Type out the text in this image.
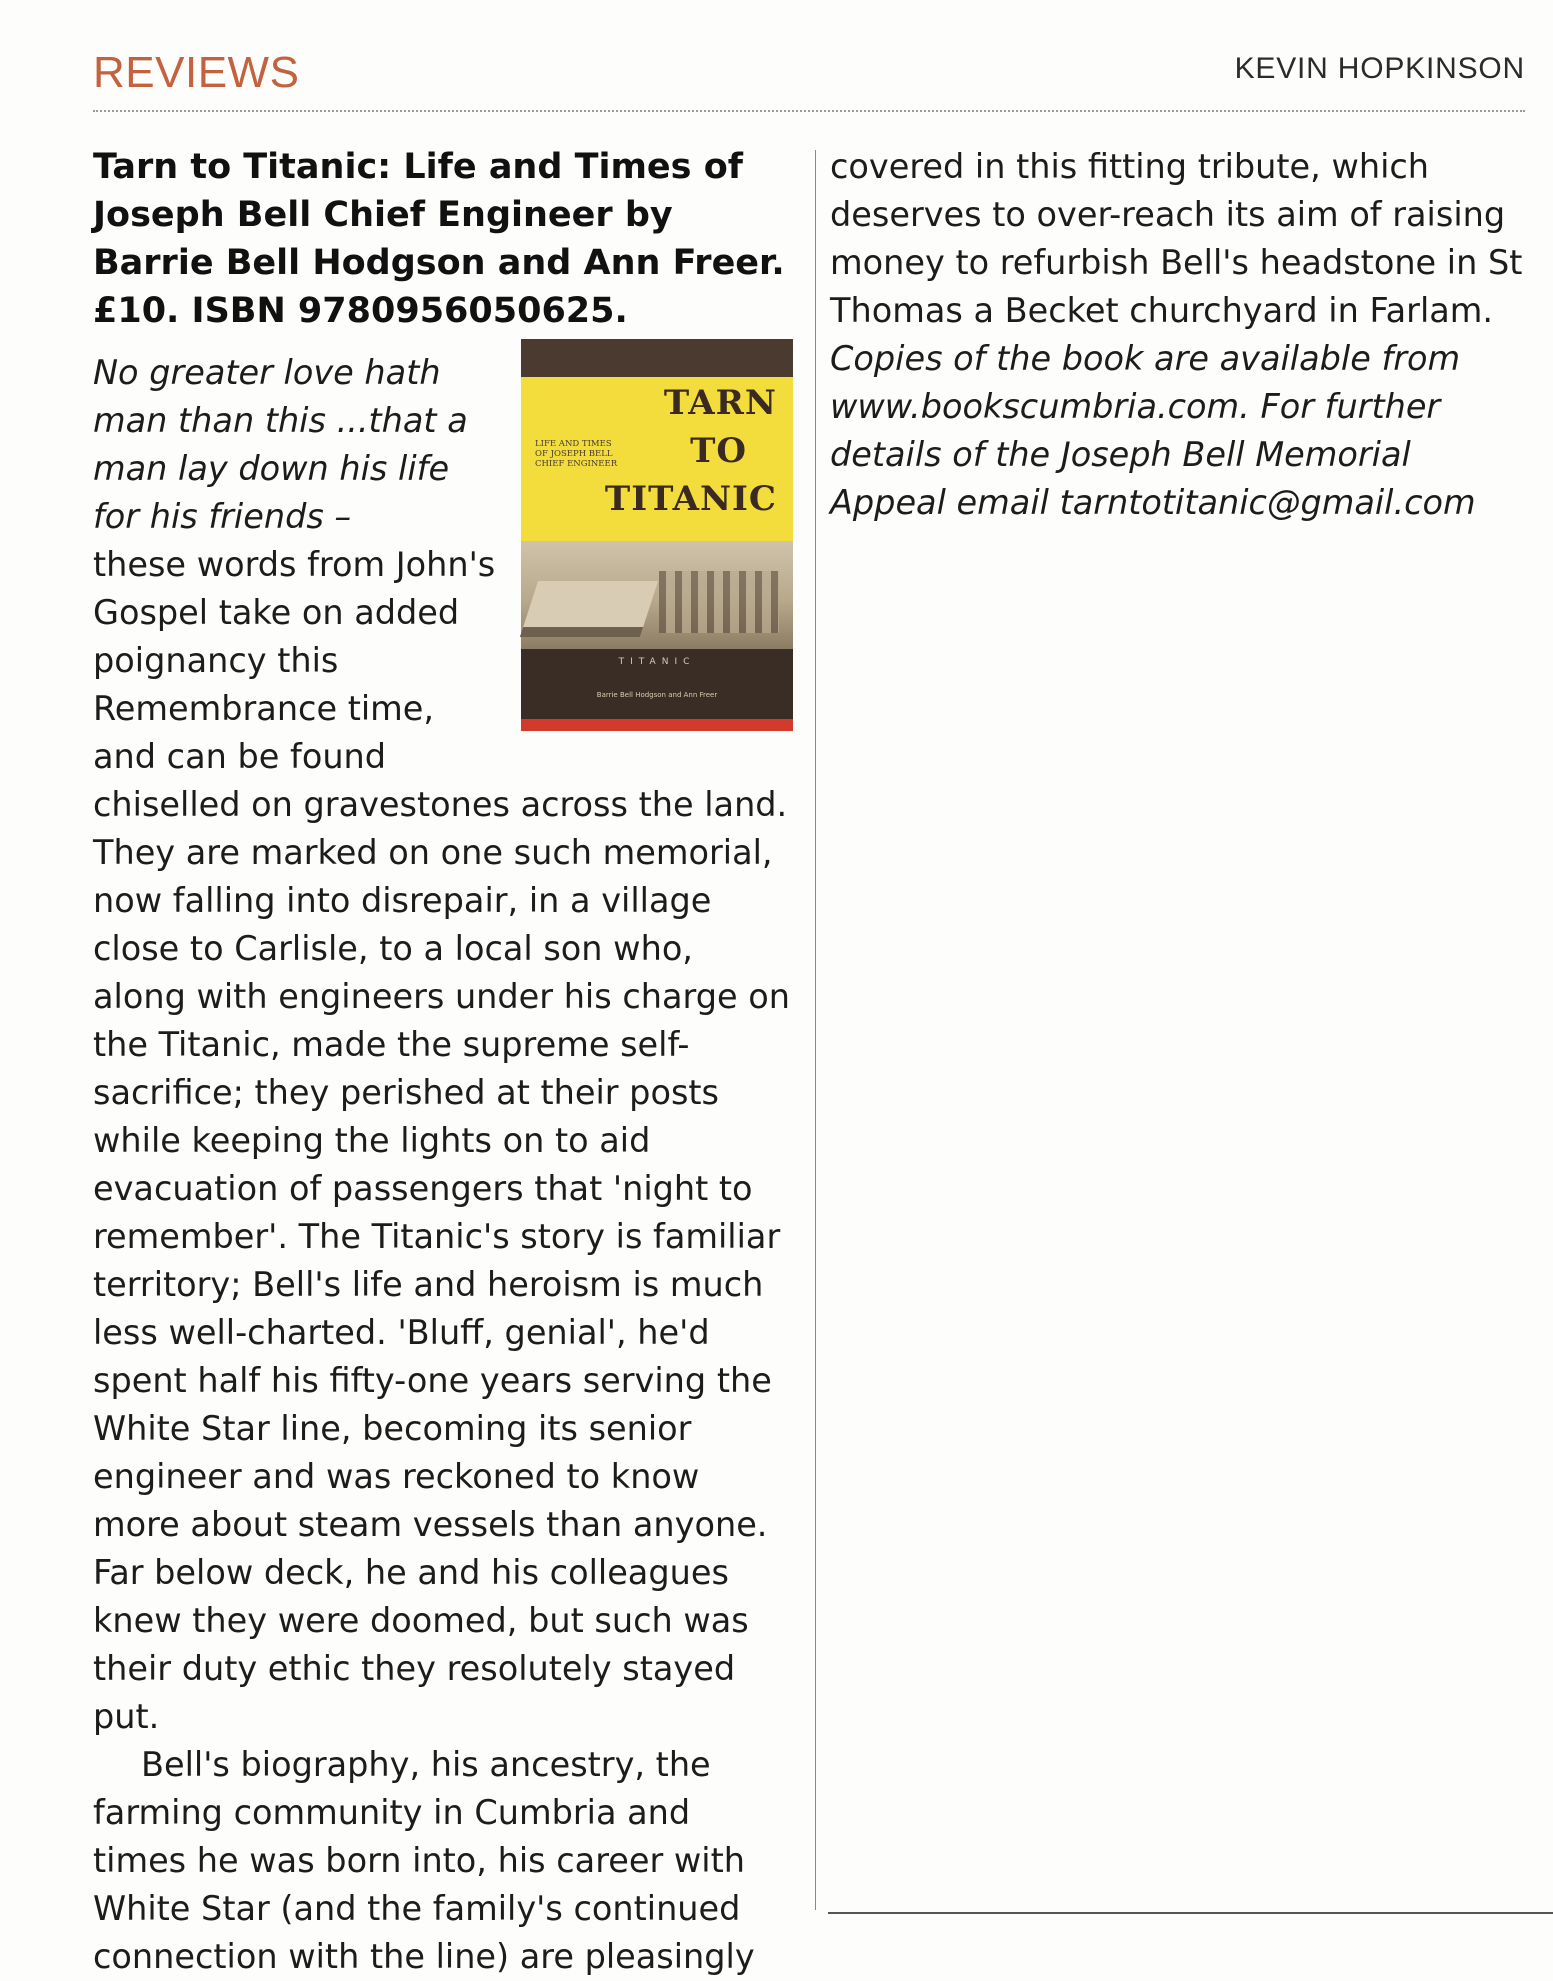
REVIEWS	KEVIN HOPKINSON

Tarn to Titanic: Life and Times of Joseph Bell Chief Engineer by Barrie Bell Hodgson and Ann Freer. £10. ISBN 9780956050625.

TARN
TO
TITANIC
LIFE AND TIMES OF JOSEPH BELL CHIEF ENGINEER
TITANIC
Barrie Bell Hodgson and Ann Freer

No greater love hath man than this ...that a man lay down his life for his friends –

these words from John's Gospel take on added poignancy this Remembrance time, and can be found chiselled on gravestones across the land. They are marked on one such memorial, now falling into disrepair, in a village close to Carlisle, to a local son who, along with engineers under his charge on the Titanic, made the supreme self-sacrifice; they perished at their posts while keeping the lights on to aid evacuation of passengers that 'night to remember'. The Titanic's story is familiar territory; Bell's life and heroism is much less well-charted. 'Bluff, genial', he'd spent half his fifty-one years serving the White Star line, becoming its senior engineer and was reckoned to know more about steam vessels than anyone. Far below deck, he and his colleagues knew they were doomed, but such was their duty ethic they resolutely stayed put.

Bell's biography, his ancestry, the farming community in Cumbria and times he was born into, his career with White Star (and the family's continued connection with the line) are pleasingly

covered in this fitting tribute, which deserves to over-reach its aim of raising money to refurbish Bell's headstone in St Thomas a Becket churchyard in Farlam.

Copies of the book are available from www.bookscumbria.com. For further details of the Joseph Bell Memorial Appeal email tarntotitanic@gmail.com
